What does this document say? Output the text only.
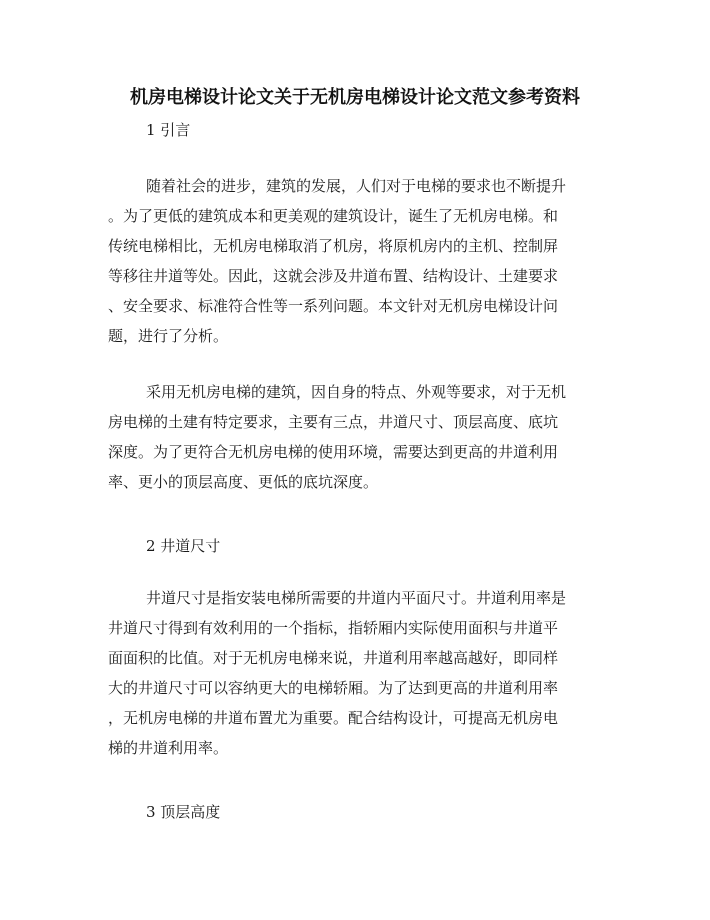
机房电梯设计论文关于无机房电梯设计论文范文参考资料
1 引言
随着社会的进步，建筑的发展，人们对于电梯的要求也不断提升
。为了更低的建筑成本和更美观的建筑设计，诞生了无机房电梯。和
传统电梯相比，无机房电梯取消了机房，将原机房内的主机、控制屏
等移往井道等处。因此，这就会涉及井道布置、结构设计、土建要求
、安全要求、标准符合性等一系列问题。本文针对无机房电梯设计问
题，进行了分析。
采用无机房电梯的建筑，因自身的特点、外观等要求，对于无机
房电梯的土建有特定要求，主要有三点，井道尺寸、顶层高度、底坑
深度。为了更符合无机房电梯的使用环境，需要达到更高的井道利用
率、更小的顶层高度、更低的底坑深度。
2 井道尺寸
井道尺寸是指安装电梯所需要的井道内平面尺寸。井道利用率是
井道尺寸得到有效利用的一个指标，指轿厢内实际使用面积与井道平
面面积的比值。对于无机房电梯来说，井道利用率越高越好，即同样
大的井道尺寸可以容纳更大的电梯轿厢。为了达到更高的井道利用率
，无机房电梯的井道布置尤为重要。配合结构设计，可提高无机房电
梯的井道利用率。
3 顶层高度
